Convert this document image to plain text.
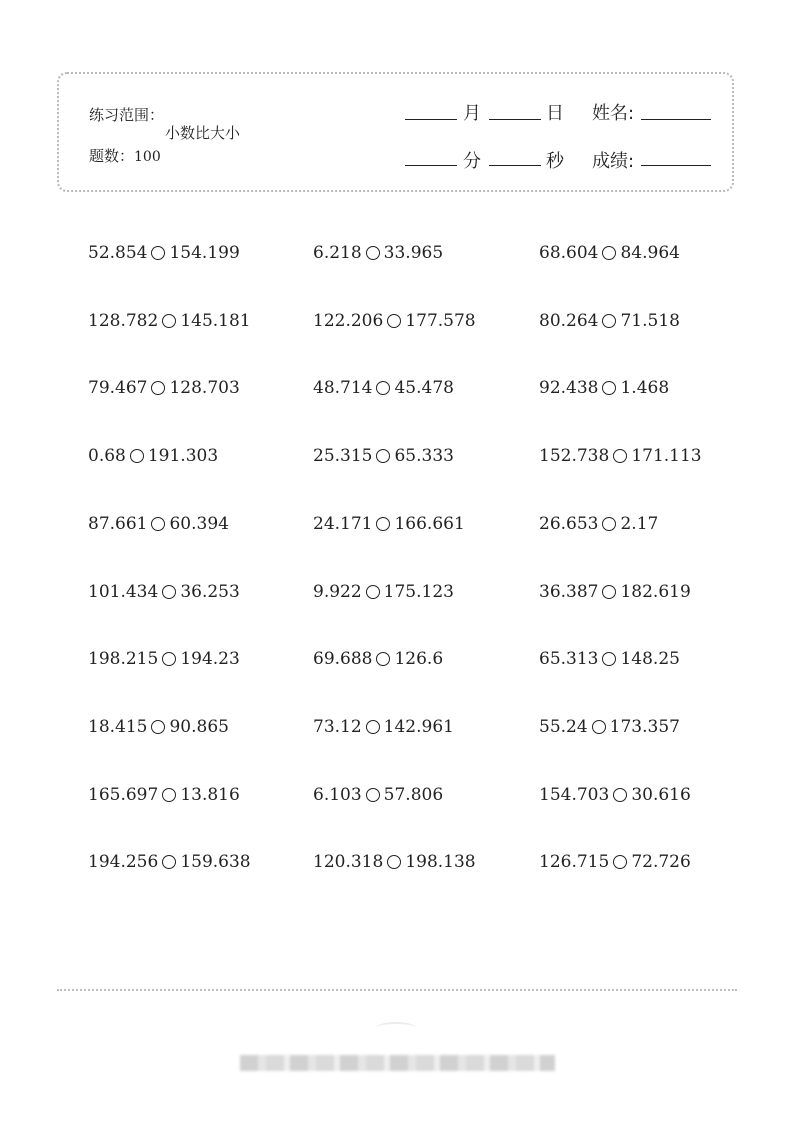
练习范围：
小数比大小
题数：100
月	日 姓名:
分	秒 成绩:
52.854 154.199	6.218 33.965	68.604 84.964
128.782 145.181	122.206 177.578	80.264 71.518
79.467 128.703	48.714 45.478	92.438 1.468
0.68 191.303	25.315 65.333	152.738 171.113
87.661 60.394	24.171 166.661	26.653 2.17
101.434 36.253	9.922 175.123	36.387 182.619
198.215 194.23	69.688 126.6	65.313 148.25
18.415 90.865	73.12 142.961	55.24 173.357
165.697 13.816	6.103 57.806	154.703 30.616
194.256 159.638	120.318 198.138	126.715 72.726
